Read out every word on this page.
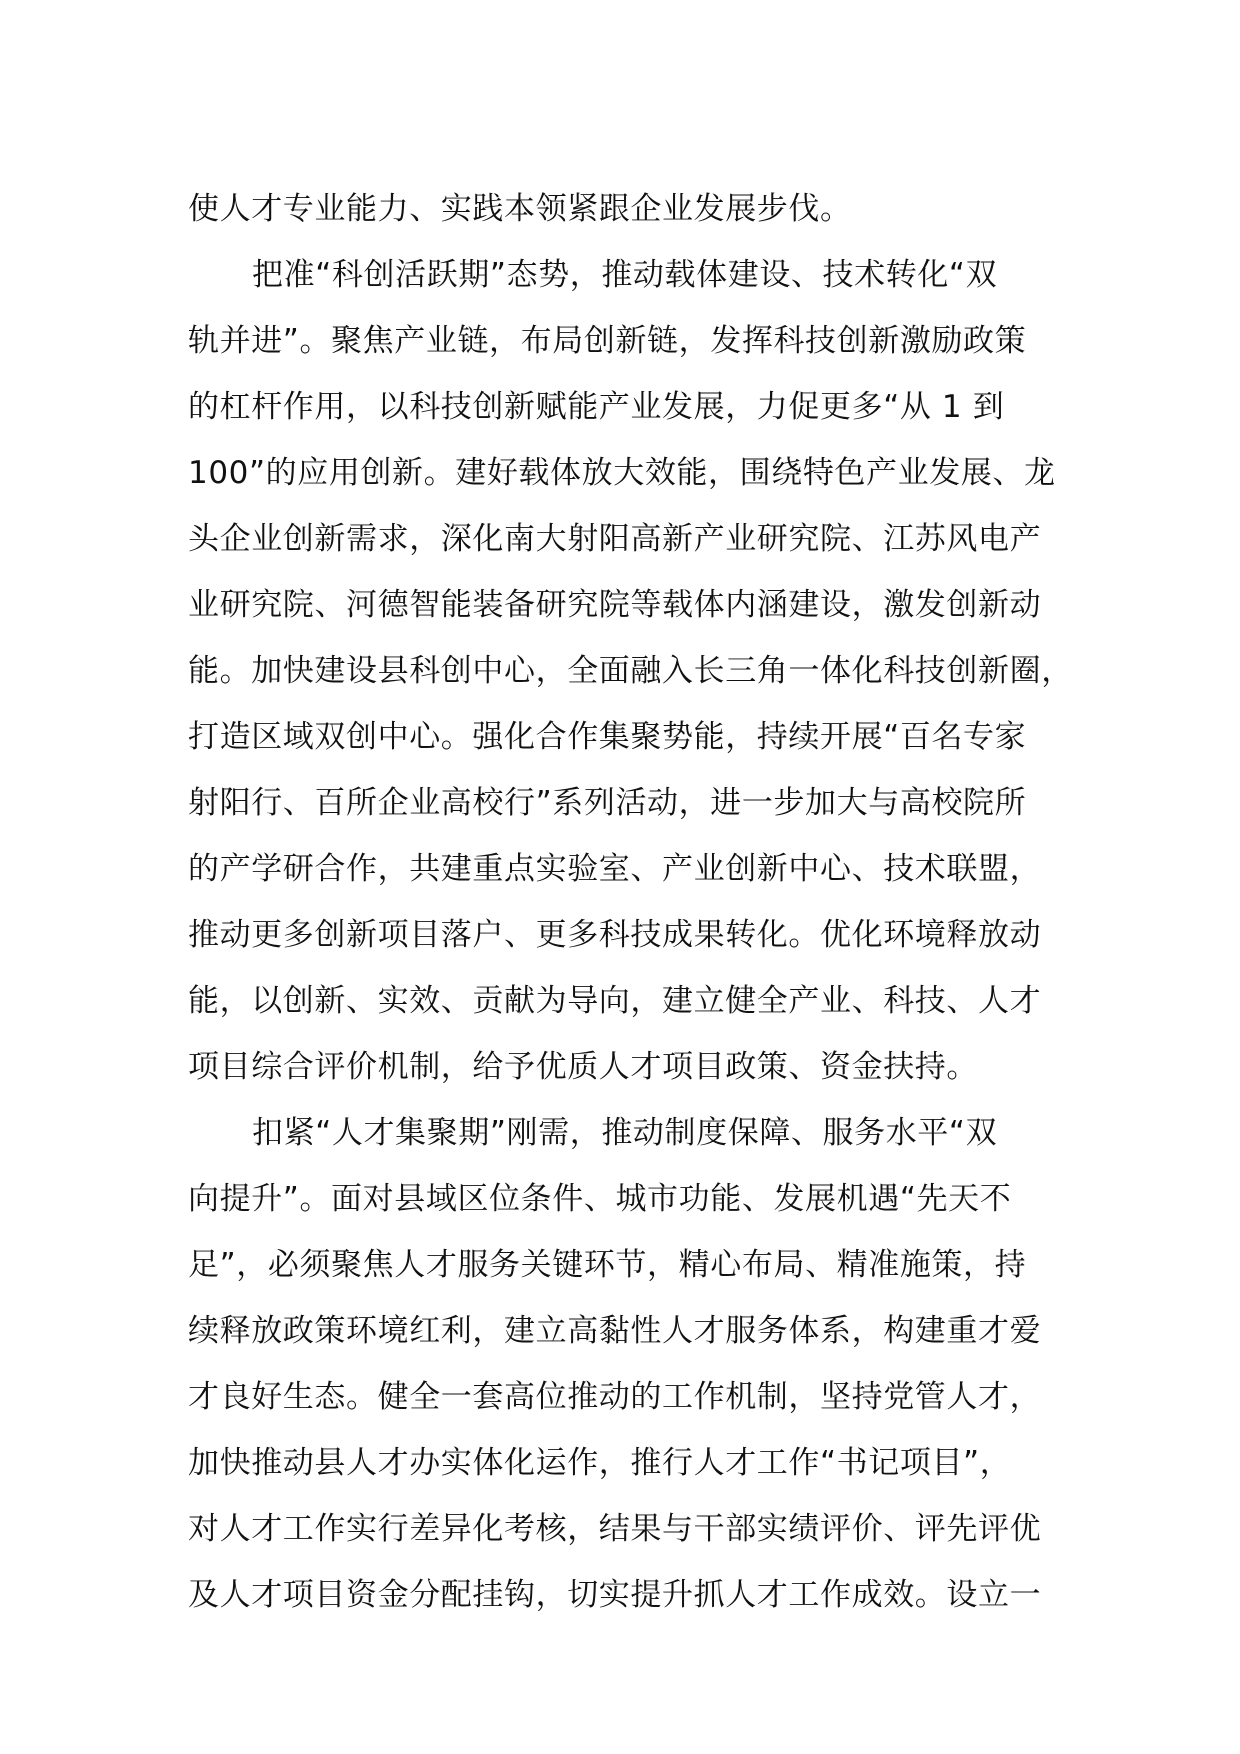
使人才专业能力、实践本领紧跟企业发展步伐。
把准“科创活跃期”态势，推动载体建设、技术转化“双
轨并进”。聚焦产业链，布局创新链，发挥科技创新激励政策
的杠杆作用，以科技创新赋能产业发展，力促更多“从 1 到
100”的应用创新。建好载体放大效能，围绕特色产业发展、龙
头企业创新需求，深化南大射阳高新产业研究院、江苏风电产
业研究院、河德智能装备研究院等载体内涵建设，激发创新动
能。加快建设县科创中心，全面融入长三角一体化科技创新圈，
打造区域双创中心。强化合作集聚势能，持续开展“百名专家
射阳行、百所企业高校行”系列活动，进一步加大与高校院所
的产学研合作，共建重点实验室、产业创新中心、技术联盟，
推动更多创新项目落户、更多科技成果转化。优化环境释放动
能，以创新、实效、贡献为导向，建立健全产业、科技、人才
项目综合评价机制，给予优质人才项目政策、资金扶持。
扣紧“人才集聚期”刚需，推动制度保障、服务水平“双
向提升”。面对县域区位条件、城市功能、发展机遇“先天不
足”，必须聚焦人才服务关键环节，精心布局、精准施策，持
续释放政策环境红利，建立高黏性人才服务体系，构建重才爱
才良好生态。健全一套高位推动的工作机制，坚持党管人才，
加快推动县人才办实体化运作，推行人才工作“书记项目”，
对人才工作实行差异化考核，结果与干部实绩评价、评先评优
及人才项目资金分配挂钩，切实提升抓人才工作成效。设立一
